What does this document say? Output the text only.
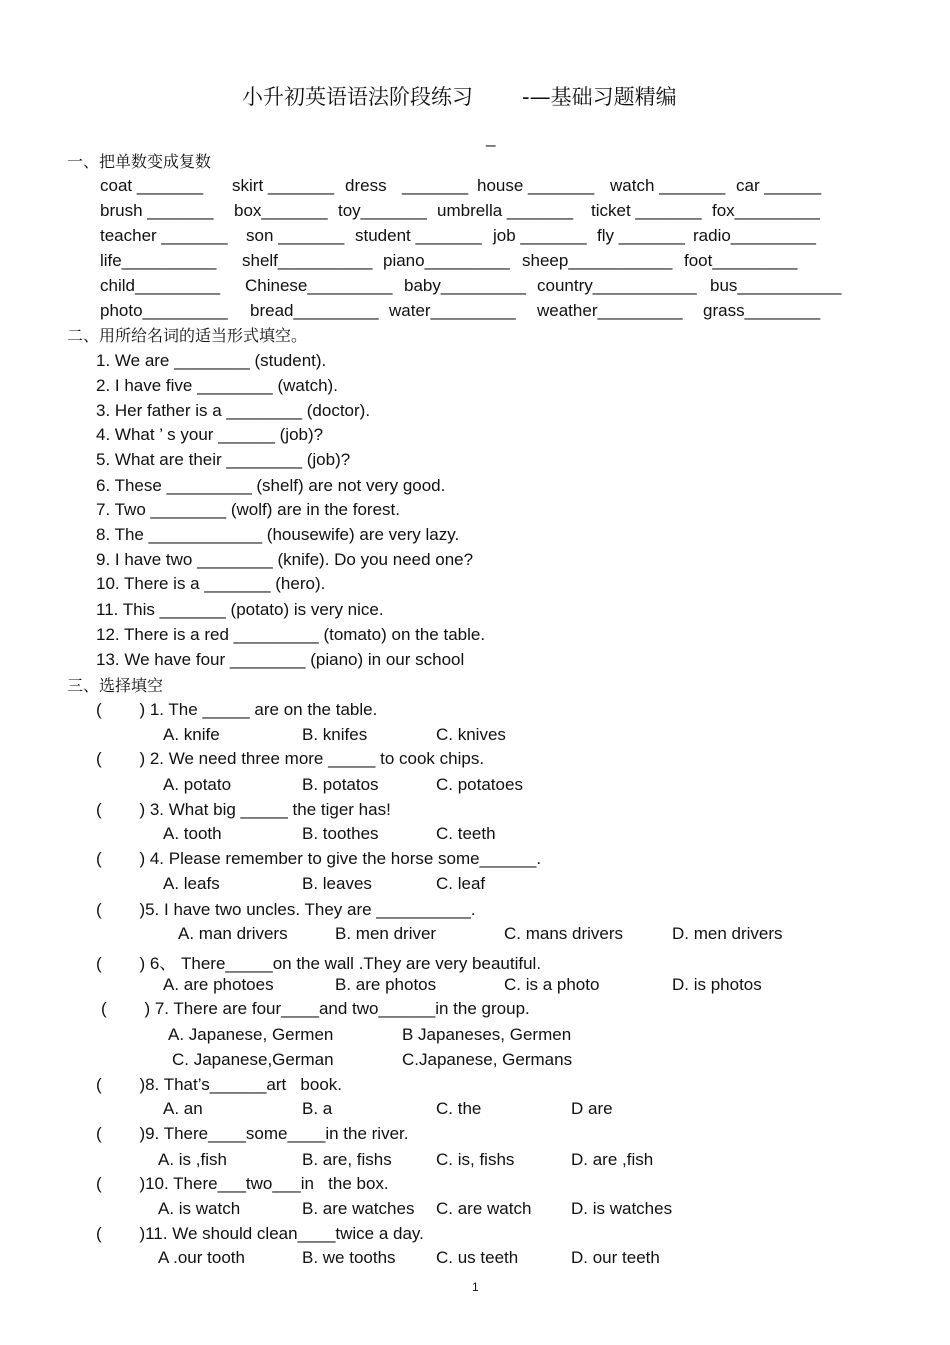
小升初英语语法阶段练习 -—基础习题精编
_
一、把单数变成复数
coat _______ skirt _______ dress _______ house _______ watch _______ car ______
brush _______ box_______ toy_______ umbrella _______ ticket _______ fox_________
teacher _______ son _______ student _______ job _______ fly _______ radio_________
life__________ shelf__________ piano_________ sheep___________ foot_________
child_________ Chinese_________ baby_________ country___________ bus___________
photo_________ bread_________ water_________ weather_________ grass________
二、用所给名词的适当形式填空。
1. We are ________ (student).
2. I have five ________ (watch).
3. Her father is a ________ (doctor).
4. What ’ s your ______ (job)?
5. What are their ________ (job)?
6. These _________ (shelf) are not very good.
7. Two ________ (wolf) are in the forest.
8. The ____________ (housewife) are very lazy.
9. I have two ________ (knife). Do you need one?
10. There is a _______ (hero).
11. This _______ (potato) is very nice.
12. There is a red _________ (tomato) on the table.
13. We have four ________ (piano) in our school
三、选择填空
(        ) 1. The _____ are on the table.
A. knife	B. knifes	C. knives
(        ) 2. We need three more _____ to cook chips.
A. potato	B. potatos	C. potatoes
(        ) 3. What big _____ the tiger has!
A. tooth	B. toothes	C. teeth
(        ) 4. Please remember to give the horse some______.
A. leafs	B. leaves	C. leaf
(        )5. I have two uncles. They are __________.
A. man drivers	B. men driver	C. mans drivers	D. men drivers
(        ) 6、 There_____on the wall .They are very beautiful.
A. are photoes	B. are photos	C. is a photo	D. is photos
(        ) 7. There are four____and two______in the group.
A. Japanese, Germen	B Japaneses, Germen
C. Japanese,German	C.Japanese, Germans
(        )8. That’s______art   book.
A. an	B. a	C. the	D are
(        )9. There____some____in the river.
A. is ,fish	B. are, fishs	C. is, fishs	D. are ,fish
(        )10. There___two___in   the box.
A. is watch	B. are watches C. are watch D. is watches
(        )11. We should clean____twice a day.
A .our tooth	B. we tooths C. us teeth	D. our teeth
1
